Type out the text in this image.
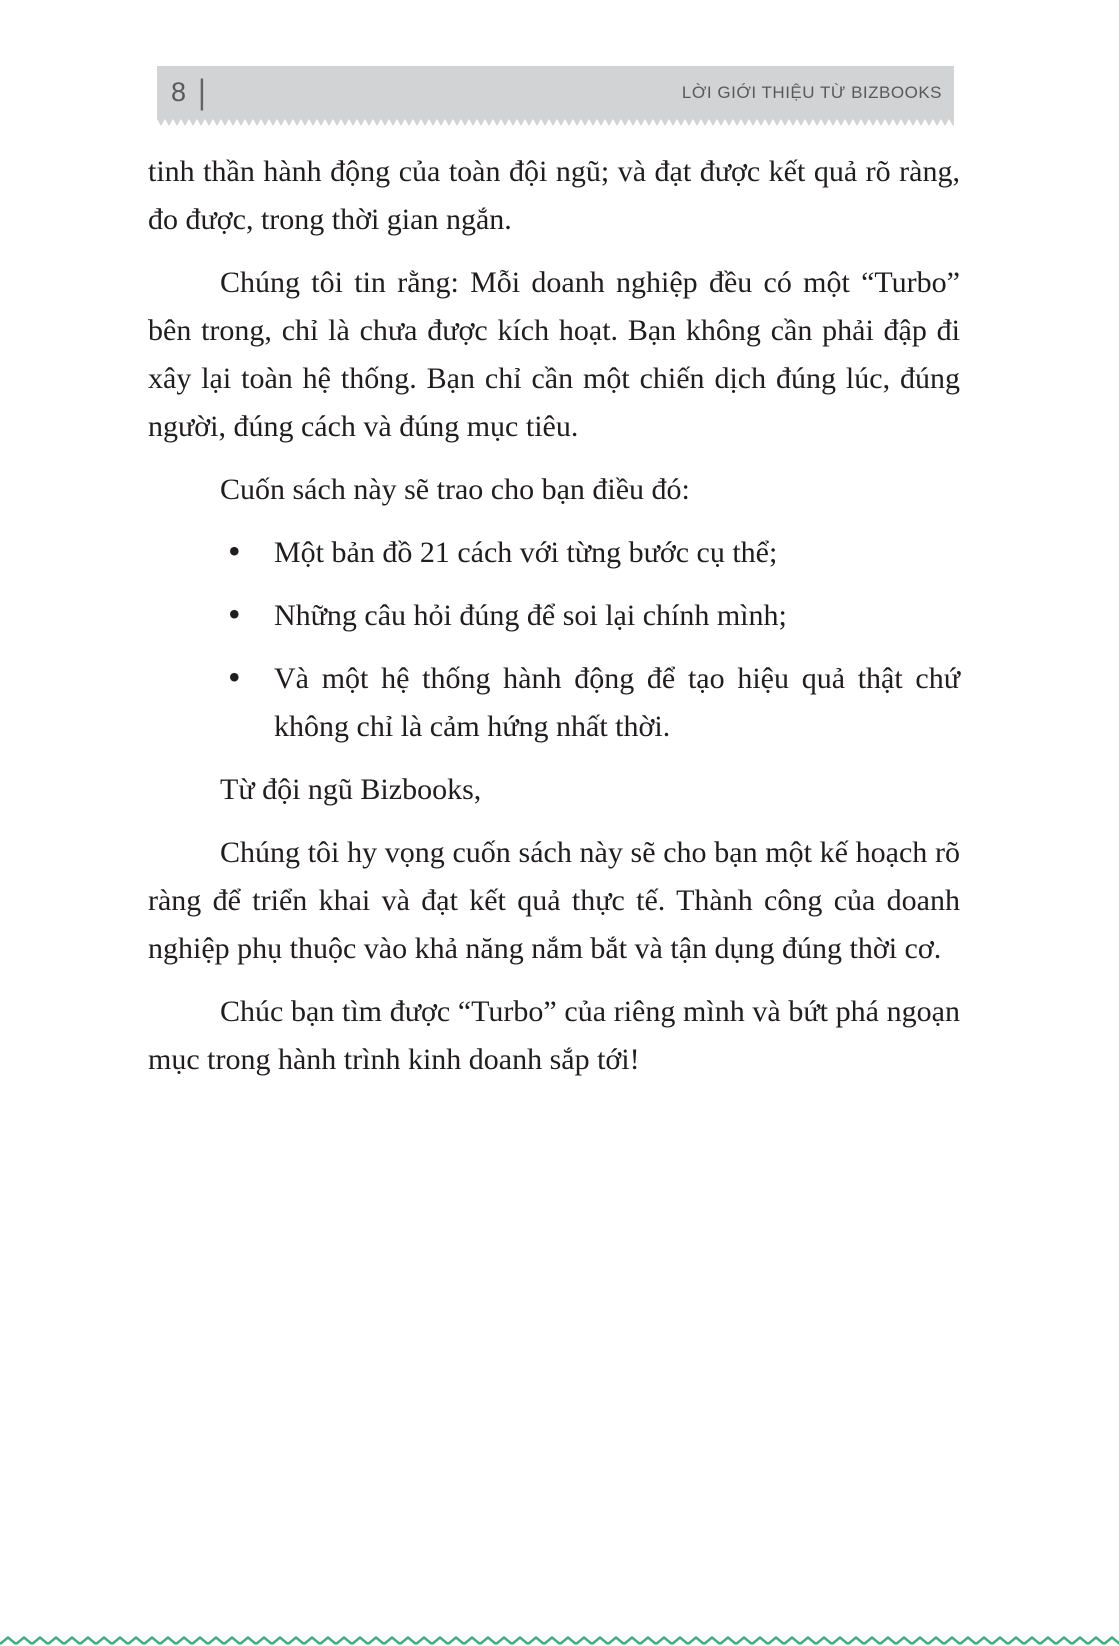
8 |	LỜI GIỚI THIỆU TỪ BIZBOOKS

tinh thần hành động của toàn đội ngũ; và đạt được kết quả rõ ràng, đo được, trong thời gian ngắn.

Chúng tôi tin rằng: Mỗi doanh nghiệp đều có một “Turbo” bên trong, chỉ là chưa được kích hoạt. Bạn không cần phải đập đi xây lại toàn hệ thống. Bạn chỉ cần một chiến dịch đúng lúc, đúng người, đúng cách và đúng mục tiêu.

Cuốn sách này sẽ trao cho bạn điều đó:

• Một bản đồ 21 cách với từng bước cụ thể;
• Những câu hỏi đúng để soi lại chính mình;
• Và một hệ thống hành động để tạo hiệu quả thật chứ không chỉ là cảm hứng nhất thời.

Từ đội ngũ Bizbooks,

Chúng tôi hy vọng cuốn sách này sẽ cho bạn một kế hoạch rõ ràng để triển khai và đạt kết quả thực tế. Thành công của doanh nghiệp phụ thuộc vào khả năng nắm bắt và tận dụng đúng thời cơ.

Chúc bạn tìm được “Turbo” của riêng mình và bứt phá ngoạn mục trong hành trình kinh doanh sắp tới!
